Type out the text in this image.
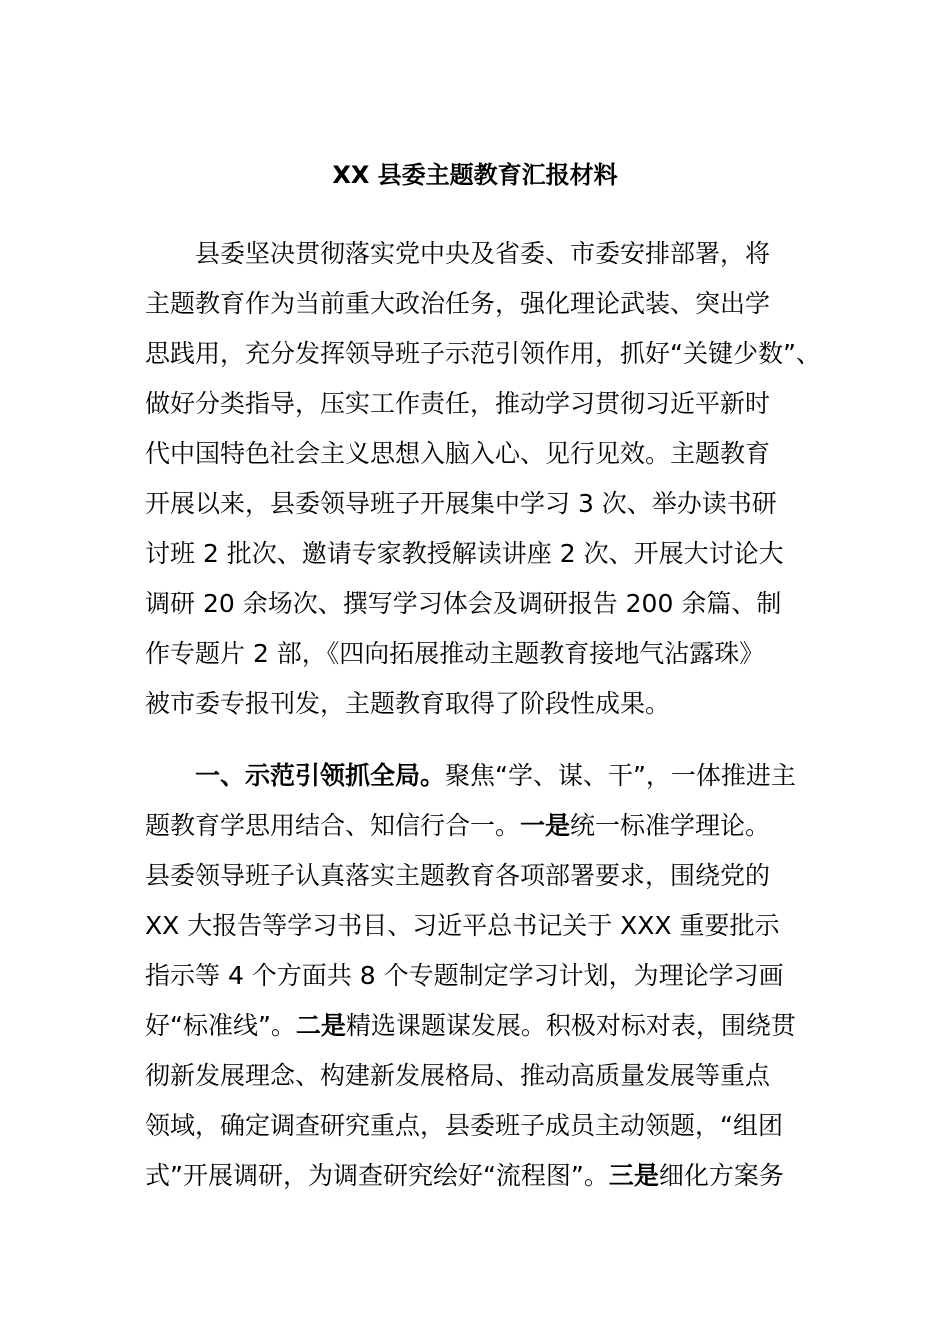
XX 县委主题教育汇报材料
县委坚决贯彻落实党中央及省委、市委安排部署，将
主题教育作为当前重大政治任务，强化理论武装、突出学
思践用，充分发挥领导班子示范引领作用，抓好“关键少数”、
做好分类指导，压实工作责任，推动学习贯彻习近平新时
代中国特色社会主义思想入脑入心、见行见效。主题教育
开展以来，县委领导班子开展集中学习 3 次、举办读书研
讨班 2 批次、邀请专家教授解读讲座 2 次、开展大讨论大
调研 20 余场次、撰写学习体会及调研报告 200 余篇、制
作专题片 2 部，《四向拓展推动主题教育接地气沾露珠》
被市委专报刊发，主题教育取得了阶段性成果。
一、示范引领抓全局。聚焦“学、谋、干”，一体推进主
题教育学思用结合、知信行合一。一是统一标准学理论。
县委领导班子认真落实主题教育各项部署要求，围绕党的
XX 大报告等学习书目、习近平总书记关于 XXX 重要批示
指示等 4 个方面共 8 个专题制定学习计划，为理论学习画
好“标准线”。二是精选课题谋发展。积极对标对表，围绕贯
彻新发展理念、构建新发展格局、推动高质量发展等重点
领域，确定调查研究重点，县委班子成员主动领题，“组团
式”开展调研，为调查研究绘好“流程图”。三是细化方案务
